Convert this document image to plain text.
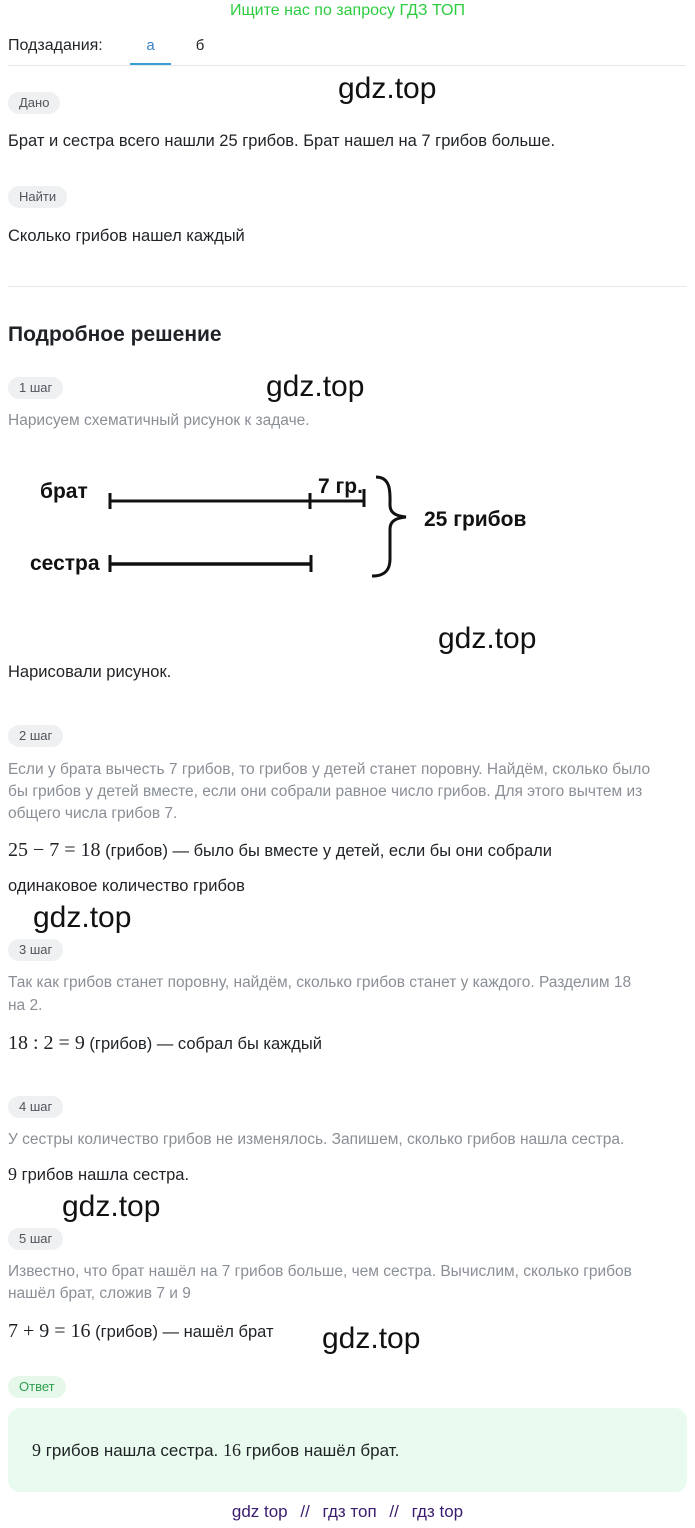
Ищите нас по запросу ГДЗ ТОП
Подзадания:	а	б
Дано	gdz.top
Брат и сестра всего нашли 25 грибов. Брат нашел на 7 грибов больше.
Найти
Сколько грибов нашел каждый
Подробное решение
1 шаг	gdz.top
Нарисуем схематичный рисунок к задаче.
брат
сестра
7 гр.
25 грибов
gdz.top
Нарисовали рисунок.
2 шаг
Если у брата вычесть 7 грибов, то грибов у детей станет поровну. Найдём, сколько было
бы грибов у детей вместе, если они собрали равное число грибов. Для этого вычтем из
общего числа грибов 7.
25 − 7 = 18 (грибов) — было бы вместе у детей, если бы они собрали
одинаковое количество грибов
gdz.top
3 шаг
Так как грибов станет поровну, найдём, сколько грибов станет у каждого. Разделим 18
на 2.
18 : 2 = 9 (грибов) — собрал бы каждый
4 шаг
У сестры количество грибов не изменялось. Запишем, сколько грибов нашла сестра.
9 грибов нашла сестра.
gdz.top
5 шаг
Известно, что брат нашёл на 7 грибов больше, чем сестра. Вычислим, сколько грибов
нашёл брат, сложив 7 и 9
7 + 9 = 16 (грибов) — нашёл брат gdz.top
Ответ
9 грибов нашла сестра. 16 грибов нашёл брат.
gdz top // гдз топ // гдз top
